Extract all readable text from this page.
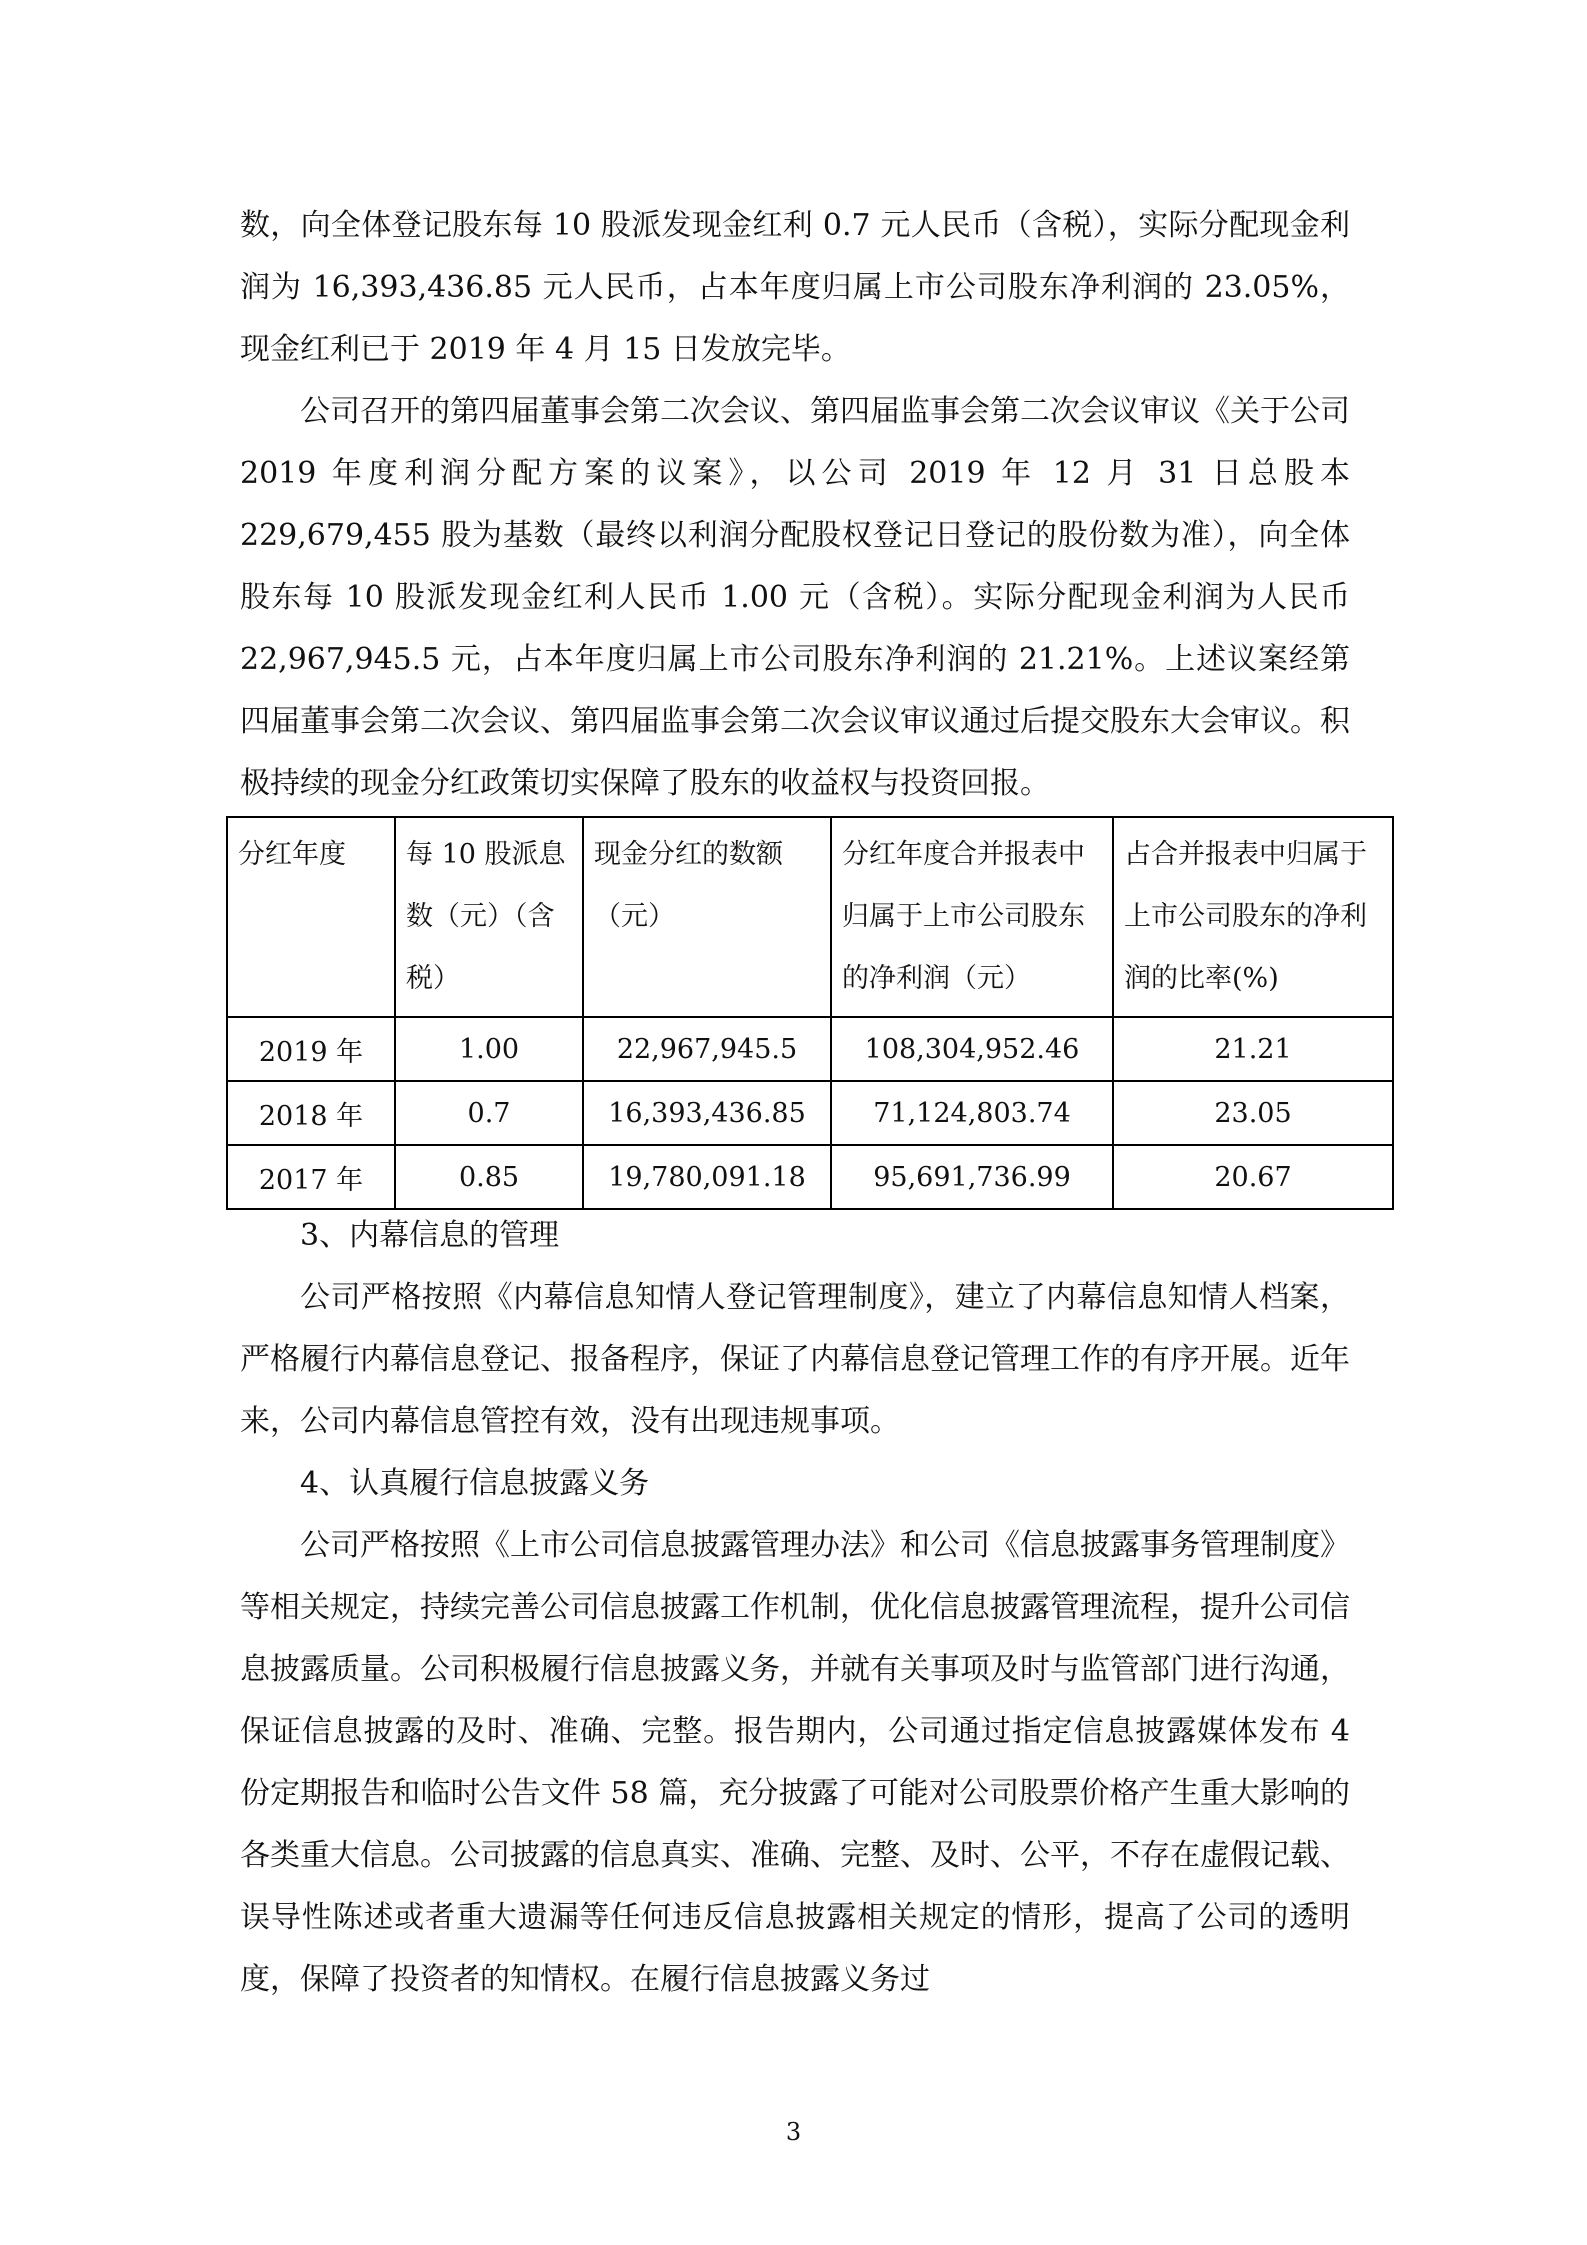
数，向全体登记股东每 10 股派发现金红利 0.7 元人民币（含税），实际分配现金利润为 16,393,436.85 元人民币，占本年度归属上市公司股东净利润的 23.05%，现金红利已于 2019 年 4 月 15 日发放完毕。

公司召开的第四届董事会第二次会议、第四届监事会第二次会议审议《关于公司 2019 年度利润分配方案的议案》，以公司 2019 年 12 月 31 日总股本 229,679,455 股为基数（最终以利润分配股权登记日登记的股份数为准），向全体股东每 10 股派发现金红利人民币 1.00 元（含税）。实际分配现金利润为人民币 22,967,945.5 元，占本年度归属上市公司股东净利润的 21.21%。上述议案经第四届董事会第二次会议、第四届监事会第二次会议审议通过后提交股东大会审议。积极持续的现金分红政策切实保障了股东的收益权与投资回报。

分红年度	每 10 股派息数（元）（含税）	现金分红的数额（元）	分红年度合并报表中归属于上市公司股东的净利润（元）	占合并报表中归属于上市公司股东的净利润的比率(%)
2019 年	1.00	22,967,945.5	108,304,952.46	21.21
2018 年	0.7	16,393,436.85	71,124,803.74	23.05
2017 年	0.85	19,780,091.18	95,691,736.99	20.67

3、内幕信息的管理

公司严格按照《内幕信息知情人登记管理制度》，建立了内幕信息知情人档案，严格履行内幕信息登记、报备程序，保证了内幕信息登记管理工作的有序开展。近年来，公司内幕信息管控有效，没有出现违规事项。

4、认真履行信息披露义务

公司严格按照《上市公司信息披露管理办法》和公司《信息披露事务管理制度》等相关规定，持续完善公司信息披露工作机制，优化信息披露管理流程，提升公司信息披露质量。公司积极履行信息披露义务，并就有关事项及时与监管部门进行沟通，保证信息披露的及时、准确、完整。报告期内，公司通过指定信息披露媒体发布 4 份定期报告和临时公告文件 58 篇，充分披露了可能对公司股票价格产生重大影响的各类重大信息。公司披露的信息真实、准确、完整、及时、公平，不存在虚假记载、误导性陈述或者重大遗漏等任何违反信息披露相关规定的情形，提高了公司的透明度，保障了投资者的知情权。在履行信息披露义务过

3
